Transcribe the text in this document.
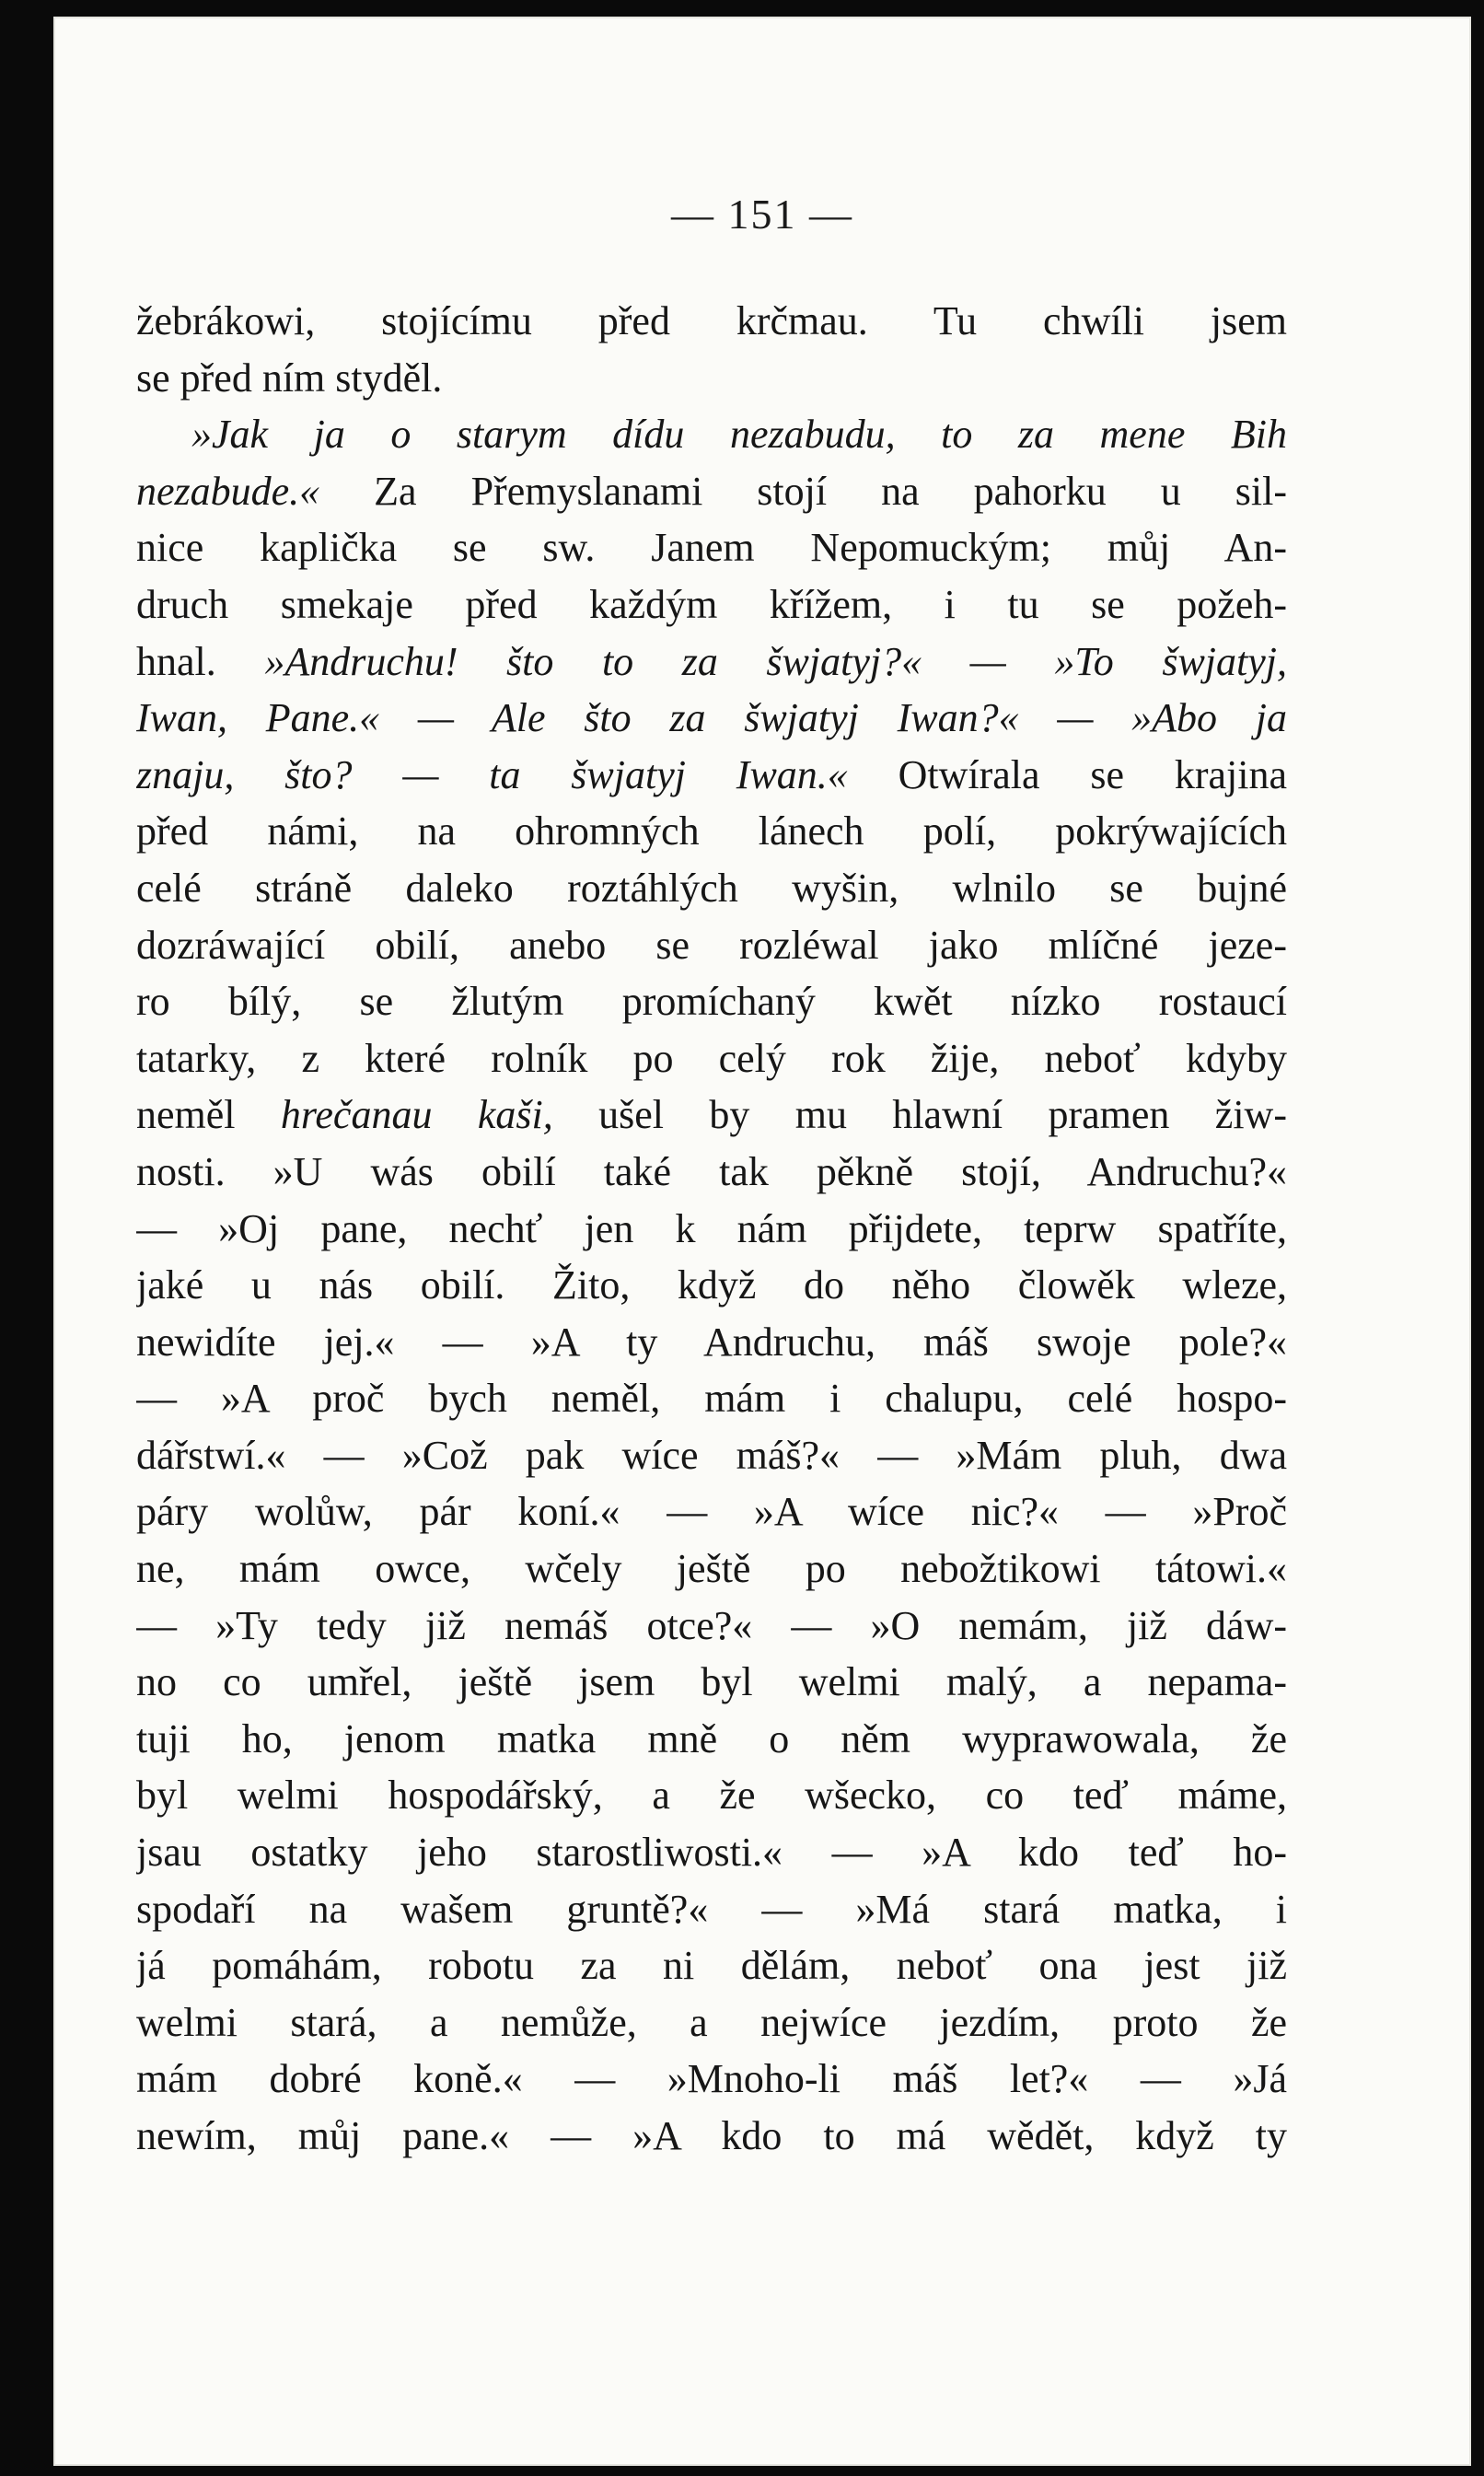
— 151 —
žebrákowi, stojícímu před krčmau. Tu chwíli jsem
se před ním styděl.
»Jak ja o starym dídu nezabudu, to za mene Bih
nezabude.« Za Přemyslanami stojí na pahorku u sil-
nice kaplička se sw. Janem Nepomuckým; můj An-
druch smekaje před každým křížem, i tu se požeh-
hnal. »Andruchu! što to za šwjatyj?« — »To šwjatyj,
Iwan, Pane.« — Ale što za šwjatyj Iwan?« — »Abo ja
znaju, što? — ta šwjatyj Iwan.« Otwírala se krajina
před námi, na ohromných lánech polí, pokrýwajících
celé stráně daleko roztáhlých wyšin, wlnilo se bujné
dozráwající obilí, anebo se rozléwal jako mlíčné jeze-
ro bílý, se žlutým promíchaný kwět nízko rostaucí
tatarky, z které rolník po celý rok žije, neboť kdyby
neměl hrečanau kaši, ušel by mu hlawní pramen žiw-
nosti. »U wás obilí také tak pěkně stojí, Andruchu?«
— »Oj pane, nechť jen k nám přijdete, teprw spatříte,
jaké u nás obilí. Žito, když do něho člowěk wleze,
newidíte jej.« — »A ty Andruchu, máš swoje pole?«
— »A proč bych neměl, mám i chalupu, celé hospo-
dářstwí.« — »Což pak wíce máš?« — »Mám pluh, dwa
páry wolůw, pár koní.« — »A wíce nic?« — »Proč
ne, mám owce, wčely ještě po nebožtikowi tátowi.«
— »Ty tedy již nemáš otce?« — »O nemám, již dáw-
no co umřel, ještě jsem byl welmi malý, a nepama-
tuji ho, jenom matka mně o něm wyprawowala, že
byl welmi hospodářský, a že wšecko, co teď máme,
jsau ostatky jeho starostliwosti.« — »A kdo teď ho-
spodaří na wašem gruntě?« — »Má stará matka, i
já pomáhám, robotu za ni dělám, neboť ona jest již
welmi stará, a nemůže, a nejwíce jezdím, proto že
mám dobré koně.« — »Mnoho-li máš let?« — »Já
newím, můj pane.« — »A kdo to má wědět, když ty
